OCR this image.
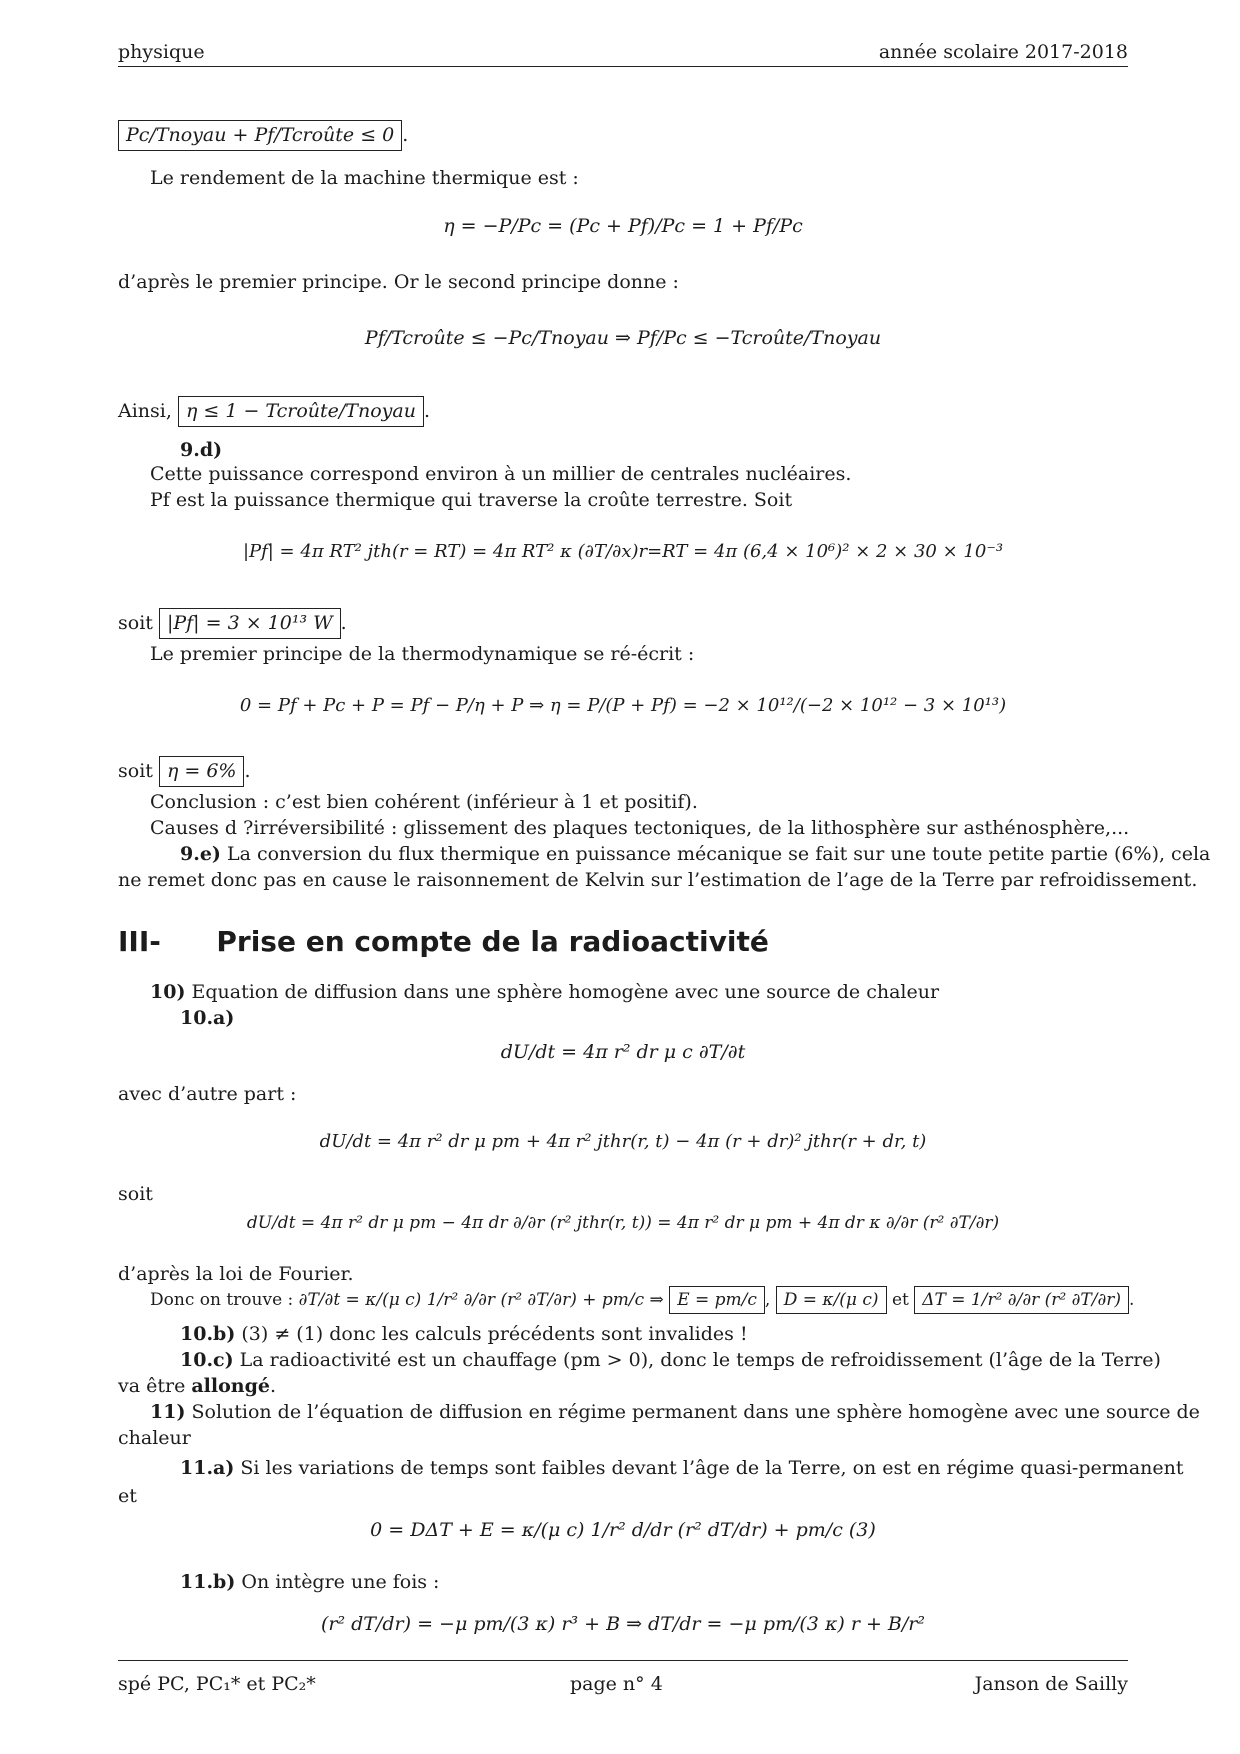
physique	année scolaire 2017-2018
Pc/Tnoyau + Pf/Tcroûte ≤ 0 .
Le rendement de la machine thermique est :
η = −P/Pc = (Pc + Pf)/Pc = 1 + Pf/Pc
d’après le premier principe. Or le second principe donne :
Pf/Tcroûte ≤ −Pc/Tnoyau ⇒ Pf/Pc ≤ −Tcroûte/Tnoyau
Ainsi, η ≤ 1 − Tcroûte/Tnoyau .
9.d)
Cette puissance correspond environ à un millier de centrales nucléaires.
Pf est la puissance thermique qui traverse la croûte terrestre. Soit
|Pf| = 4π RT² jth(r = RT) = 4π RT² κ (∂T/∂x)r=RT = 4π (6,4 × 10⁶)² × 2 × 30 × 10⁻³
soit |Pf| = 3 × 10¹³ W .
Le premier principe de la thermodynamique se ré-écrit :
0 = Pf + Pc + P = Pf − P/η + P ⇒ η = P/(P + Pf) = −2 × 10¹²/(−2 × 10¹² − 3 × 10¹³)
soit η = 6% .
Conclusion : c’est bien cohérent (inférieur à 1 et positif).
Causes d ?irréversibilité : glissement des plaques tectoniques, de la lithosphère sur asthénosphère,...
9.e) La conversion du flux thermique en puissance mécanique se fait sur une toute petite partie (6%), cela
ne remet donc pas en cause le raisonnement de Kelvin sur l’estimation de l’age de la Terre par refroidissement.
III- Prise en compte de la radioactivité
10) Equation de diffusion dans une sphère homogène avec une source de chaleur
10.a)
dU/dt = 4π r² dr μ c ∂T/∂t
avec d’autre part :
dU/dt = 4π r² dr μ pm + 4π r² jthr(r, t) − 4π (r + dr)² jthr(r + dr, t)
soit
dU/dt = 4π r² dr μ pm − 4π dr ∂/∂r (r² jthr(r, t)) = 4π r² dr μ pm + 4π dr κ ∂/∂r (r² ∂T/∂r)
d’après la loi de Fourier.
Donc on trouve : ∂T/∂t = κ/(μ c) 1/r² ∂/∂r (r² ∂T/∂r) + pm/c ⇒ E = pm/c , D = κ/(μ c) et ΔT = 1/r² ∂/∂r (r² ∂T/∂r) .
10.b) (3) ≠ (1) donc les calculs précédents sont invalides !
10.c) La radioactivité est un chauffage (pm > 0), donc le temps de refroidissement (l’âge de la Terre)
va être allongé.
11) Solution de l’équation de diffusion en régime permanent dans une sphère homogène avec une source de
chaleur
11.a) Si les variations de temps sont faibles devant l’âge de la Terre, on est en régime quasi-permanent
et
0 = DΔT + E = κ/(μ c) 1/r² d/dr (r² dT/dr) + pm/c (3)
11.b) On intègre une fois :
(r² dT/dr) = −μ pm/(3 κ) r³ + B ⇒ dT/dr = −μ pm/(3 κ) r + B/r²
spé PC, PC₁* et PC₂*	page n° 4	Janson de Sailly
